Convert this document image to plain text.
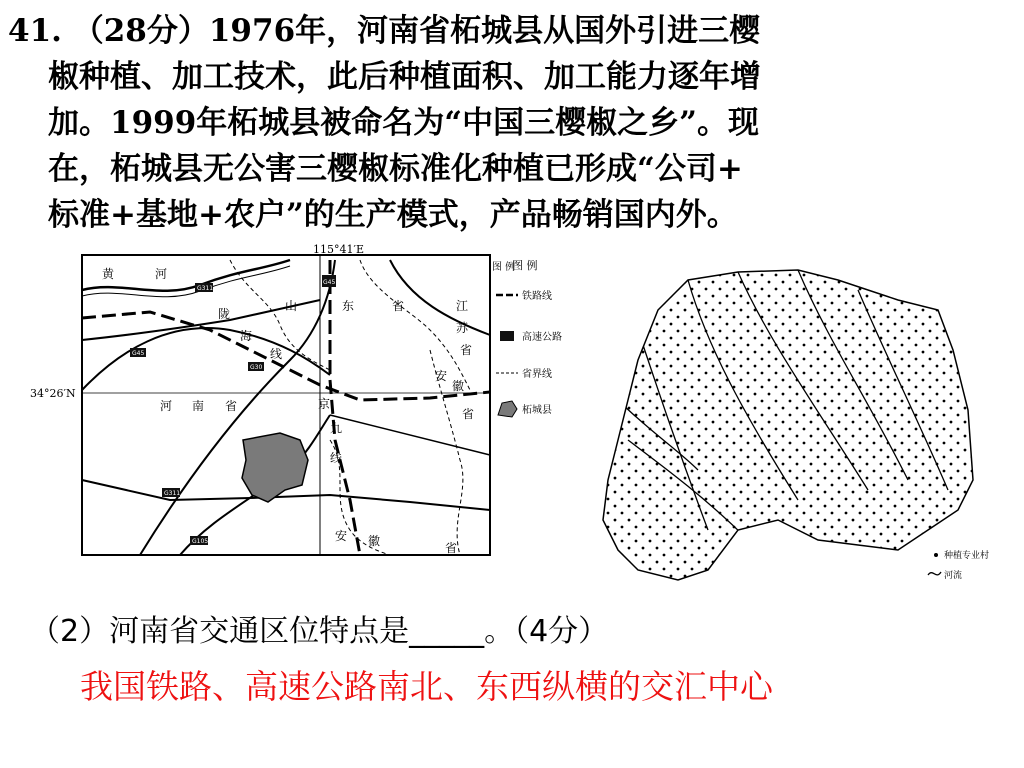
41. （28分）1976年，河南省柘城县从国外引进三樱

椒种植、加工技术，此后种植面积、加工能力逐年增

加。1999年柘城县被命名为“中国三樱椒之乡”。现

在，柘城县无公害三樱椒标准化种植已形成“公司+

标准+基地+农户”的生产模式，产品畅销国内外。

115°41′E
34°26′N
G311
G45
G30
G45
G311
G105
黄	河
陇
海
线
山	东	省	江
苏
省
安
徽
省
河 南 省	京
九
线
安 徽	省
图 例
图 例
铁路线
高速公路
省界线
柘城县
种植专业村
河流
（2）河南省交通区位特点是_____。（4分）
我国铁路、高速公路南北、东西纵横的交汇中心
